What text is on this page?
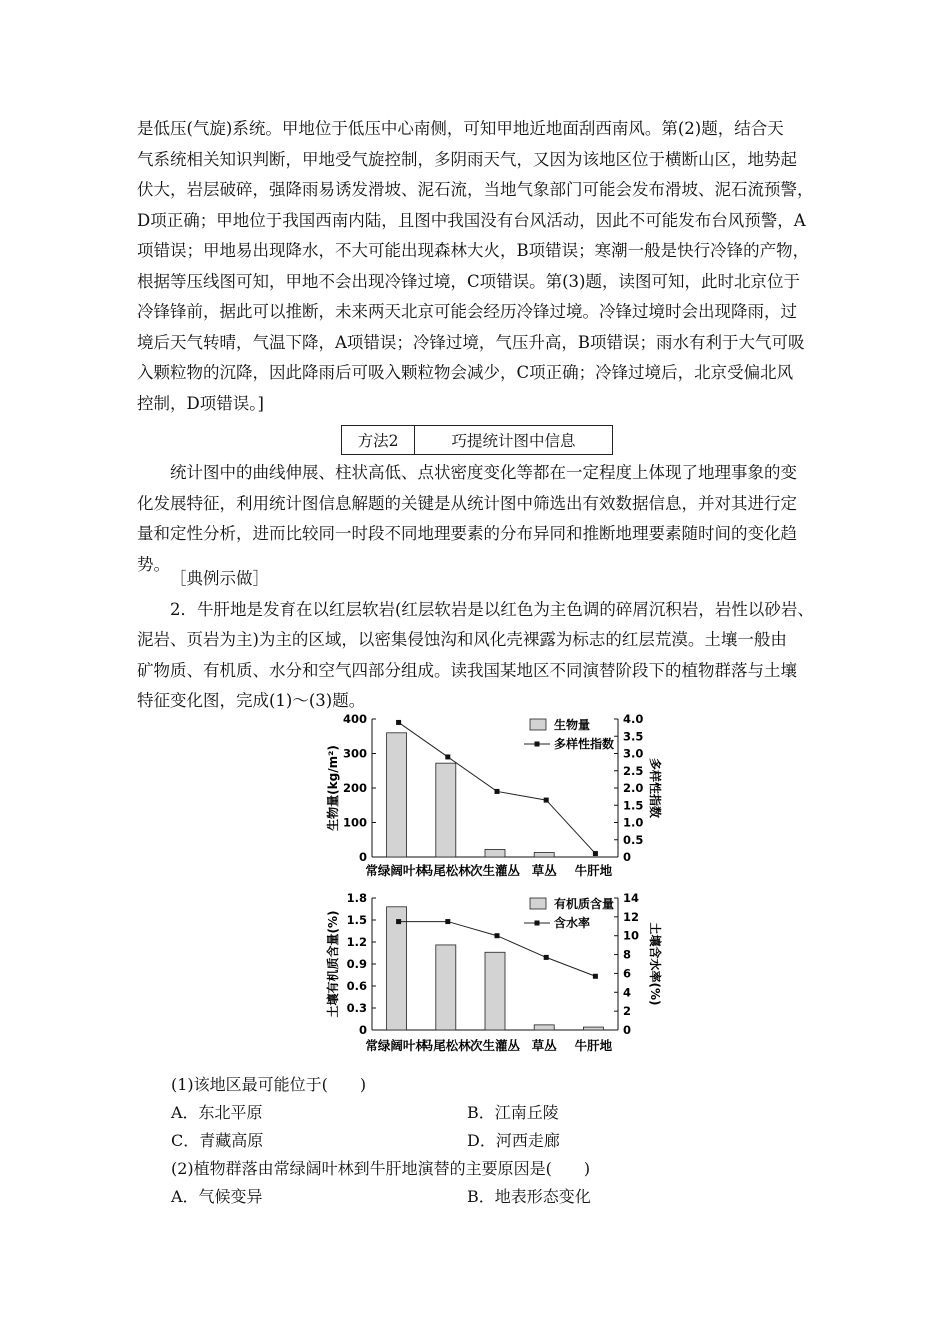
是低压(气旋)系统。甲地位于低压中心南侧，可知甲地近地面刮西南风。第(2)题，结合天
气系统相关知识判断，甲地受气旋控制，多阴雨天气，又因为该地区位于横断山区，地势起
伏大，岩层破碎，强降雨易诱发滑坡、泥石流，当地气象部门可能会发布滑坡、泥石流预警，
D项正确；甲地位于我国西南内陆，且图中我国没有台风活动，因此不可能发布台风预警，A
项错误；甲地易出现降水，不大可能出现森林大火，B项错误；寒潮一般是快行冷锋的产物，
根据等压线图可知，甲地不会出现冷锋过境，C项错误。第(3)题，读图可知，此时北京位于
冷锋锋前，据此可以推断，未来两天北京可能会经历冷锋过境。冷锋过境时会出现降雨，过
境后天气转晴，气温下降，A项错误；冷锋过境，气压升高，B项错误；雨水有利于大气可吸
入颗粒物的沉降，因此降雨后可吸入颗粒物会减少，C项正确；冷锋过境后，北京受偏北风
控制，D项错误。]
方法2	巧提统计图中信息
统计图中的曲线伸展、柱状高低、点状密度变化等都在一定程度上体现了地理事象的变
化发展特征，利用统计图信息解题的关键是从统计图中筛选出有效数据信息，并对其进行定
量和定性分析，进而比较同一时段不同地理要素的分布异同和推断地理要素随时间的变化趋
势。
［典例示做］
2．牛肝地是发育在以红层软岩(红层软岩是以红色为主色调的碎屑沉积岩，岩性以砂岩、
泥岩、页岩为主)为主的区域，以密集侵蚀沟和风化壳裸露为标志的红层荒漠。土壤一般由
矿物质、有机质、水分和空气四部分组成。读我国某地区不同演替阶段下的植物群落与土壤
特征变化图，完成(1)～(3)题。
0
100
200
300
400
0
0.5
1.0
1.5
2.0
2.5
3.0
3.5
4.0
常绿阔叶林
马尾松林 次生灌丛 草丛 牛肝地
生物量(kg/m²)	多样性指数
生物量
多样性指数
0
0.3
0.6
0.9
1.2
1.5
1.8
0
2
4
6
8
10
12
14
常绿阔叶林
马尾松林 次生灌丛 草丛 牛肝地
土壤有机质含量(%)	土壤含水率(%)
有机质含量
含水率
(1)该地区最可能位于(　　)
A．东北平原	B．江南丘陵
C．青藏高原	D．河西走廊
(2)植物群落由常绿阔叶林到牛肝地演替的主要原因是(　　)
A．气候变异	B．地表形态变化
